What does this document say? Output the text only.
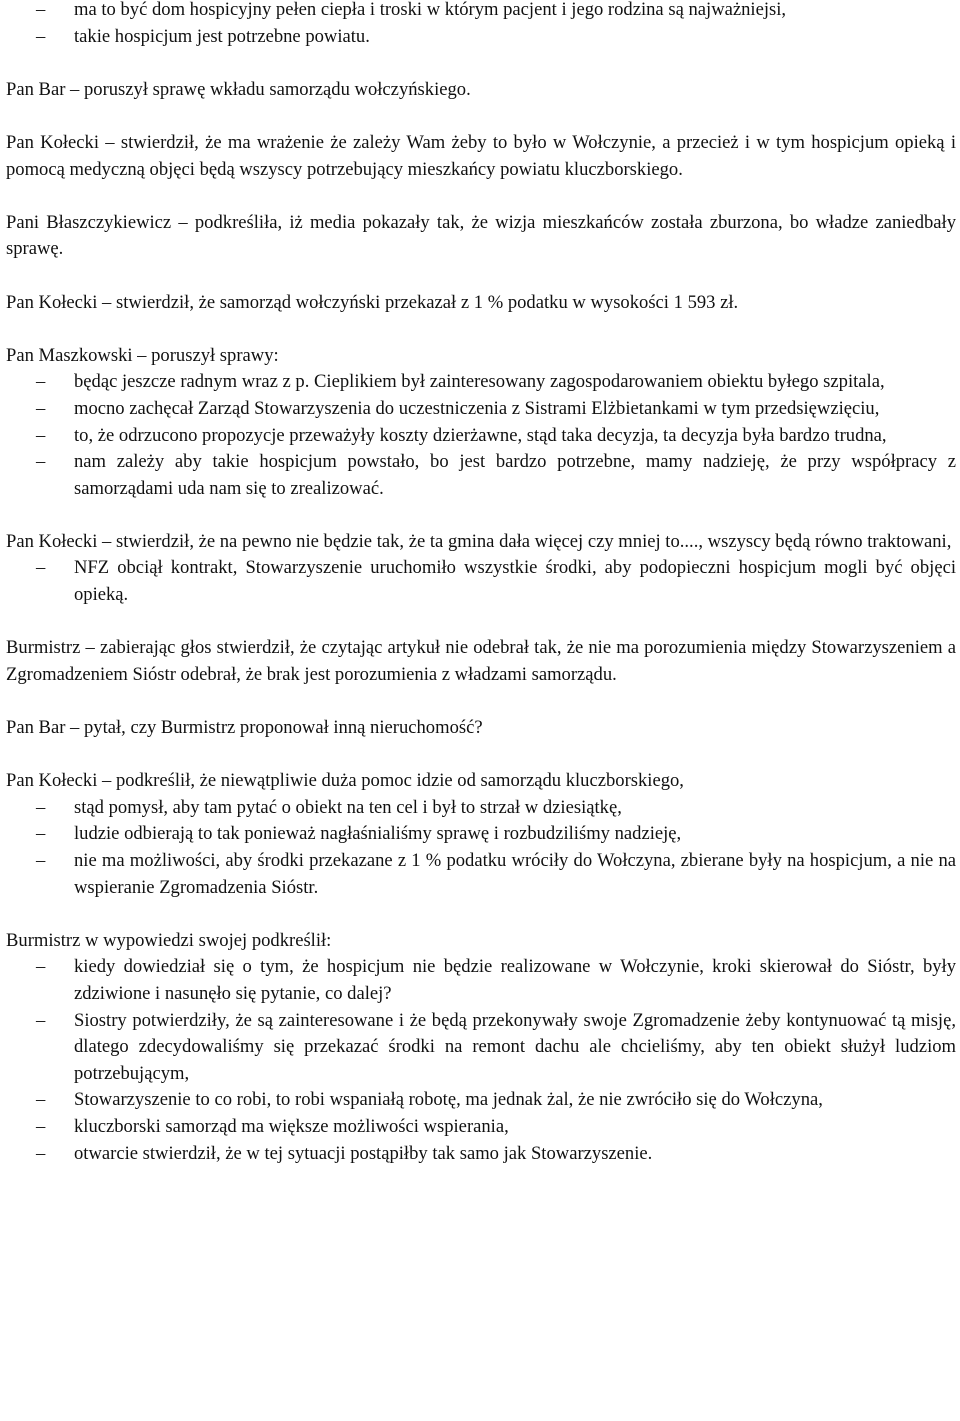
– ma to być dom hospicyjny pełen ciepła i troski w którym pacjent i jego rodzina są najważniejsi,
– takie hospicjum jest potrzebne powiatu.

Pan Bar – poruszył sprawę wkładu samorządu wołczyńskiego.

Pan Kołecki – stwierdził, że ma wrażenie że zależy Wam żeby to było w Wołczynie, a przecież i w tym hospicjum opieką i pomocą medyczną objęci będą wszyscy potrzebujący mieszkańcy powiatu kluczborskiego.

Pani Błaszczykiewicz – podkreśliła, iż media pokazały tak, że wizja mieszkańców została zburzona, bo władze zaniedbały sprawę.

Pan Kołecki – stwierdził, że samorząd wołczyński przekazał z 1 % podatku w wysokości 1 593 zł.

Pan Maszkowski – poruszył sprawy:

– będąc jeszcze radnym wraz z p. Cieplikiem był zainteresowany zagospodarowaniem obiektu byłego szpitala,
– mocno zachęcał Zarząd Stowarzyszenia do uczestniczenia z Sistrami Elżbietankami w tym przedsięwzięciu,
– to, że odrzucono propozycje przeważyły koszty dzierżawne, stąd taka decyzja, ta decyzja była bardzo trudna,
– nam zależy aby takie hospicjum powstało, bo jest bardzo potrzebne, mamy nadzieję, że przy współpracy z samorządami uda nam się to zrealizować.

Pan Kołecki – stwierdził, że na pewno nie będzie tak, że ta gmina dała więcej czy mniej to...., wszyscy będą równo traktowani,

– NFZ obciął kontrakt, Stowarzyszenie uruchomiło wszystkie środki, aby podopieczni hospicjum mogli być objęci opieką.

Burmistrz – zabierając głos stwierdził, że czytając artykuł nie odebrał tak, że nie ma porozumienia między Stowarzyszeniem a Zgromadzeniem Sióstr odebrał, że brak jest porozumienia z władzami samorządu.

Pan Bar – pytał, czy Burmistrz proponował inną nieruchomość?

Pan Kołecki – podkreślił, że niewątpliwie duża pomoc idzie od samorządu kluczborskiego,

– stąd pomysł, aby tam pytać o obiekt na ten cel i był to strzał w dziesiątkę,
– ludzie odbierają to tak ponieważ nagłaśnialiśmy sprawę i rozbudziliśmy nadzieję,
– nie ma możliwości, aby środki przekazane z 1 % podatku wróciły do Wołczyna, zbierane były na hospicjum, a nie na wspieranie Zgromadzenia Sióstr.

Burmistrz w wypowiedzi swojej podkreślił:

– kiedy dowiedział się o tym, że hospicjum nie będzie realizowane w Wołczynie, kroki skierował do Sióstr, były zdziwione i nasunęło się pytanie, co dalej?
– Siostry potwierdziły, że są zainteresowane i że będą przekonywały swoje Zgromadzenie żeby kontynuować tą misję, dlatego zdecydowaliśmy się przekazać środki na remont dachu ale chcieliśmy, aby ten obiekt służył ludziom potrzebującym,
– Stowarzyszenie to co robi, to robi wspaniałą robotę, ma jednak żal, że nie zwróciło się do Wołczyna,
– kluczborski samorząd ma większe możliwości wspierania,
– otwarcie stwierdził, że w tej sytuacji postąpiłby tak samo jak Stowarzyszenie.
